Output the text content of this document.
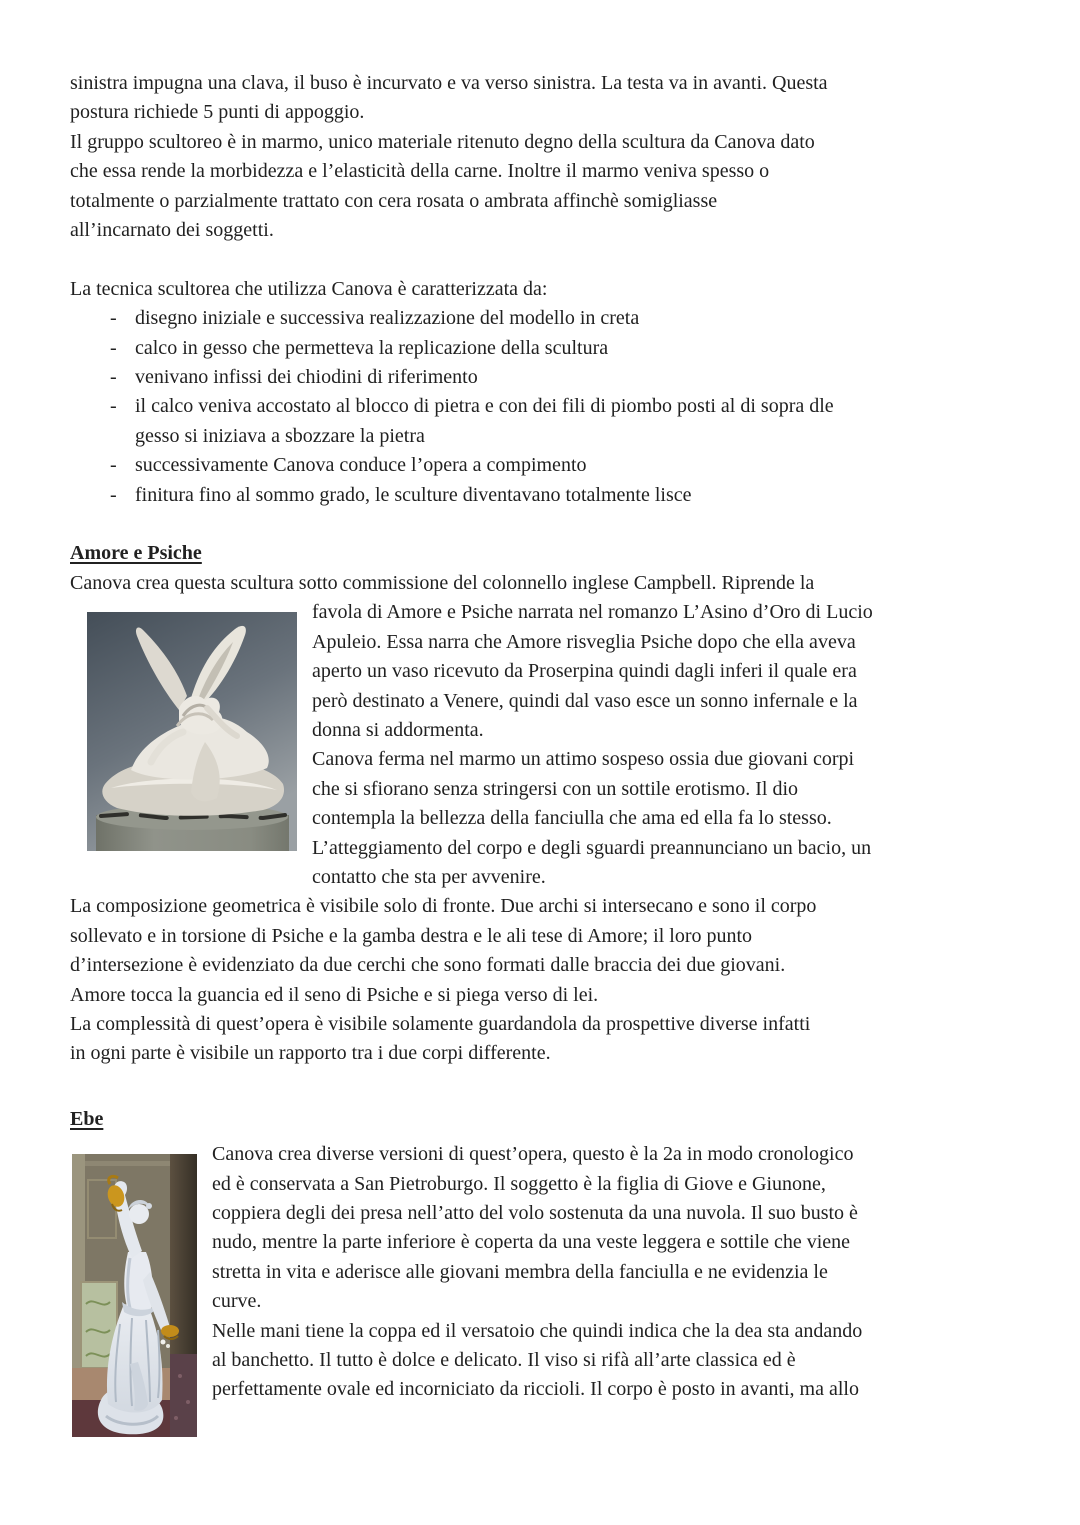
sinistra impugna una clava, il buso è incurvato e va verso sinistra. La testa va in avanti. Questa
postura richiede 5 punti di appoggio.
Il gruppo scultoreo è in marmo, unico materiale ritenuto degno della scultura da Canova dato
che essa rende la morbidezza e l’elasticità della carne. Inoltre il marmo veniva spesso o
totalmente o parzialmente trattato con cera rosata o ambrata affinchè somigliasse
all’incarnato dei soggetti.
La tecnica scultorea che utilizza Canova è caratterizzata da:
- disegno iniziale e successiva realizzazione del modello in creta
- calco in gesso che permetteva la replicazione della scultura
- venivano infissi dei chiodini di riferimento
- il calco veniva accostato al blocco di pietra e con dei fili di piombo posti al di sopra dle
gesso si iniziava a sbozzare la pietra
- successivamente Canova conduce l’opera a compimento
- finitura fino al sommo grado, le sculture diventavano totalmente lisce
Amore e Psiche
Canova crea questa scultura sotto commissione del colonnello inglese Campbell. Riprende la
favola di Amore e Psiche narrata nel romanzo L’Asino d’Oro di Lucio
Apuleio. Essa narra che Amore risveglia Psiche dopo che ella aveva
aperto un vaso ricevuto da Proserpina quindi dagli inferi il quale era
però destinato a Venere, quindi dal vaso esce un sonno infernale e la
donna si addormenta.
Canova ferma nel marmo un attimo sospeso ossia due giovani corpi
che si sfiorano senza stringersi con un sottile erotismo. Il dio
contempla la bellezza della fanciulla che ama ed ella fa lo stesso.
L’atteggiamento del corpo e degli sguardi preannunciano un bacio, un
contatto che sta per avvenire.
La composizione geometrica è visibile solo di fronte. Due archi si intersecano e sono il corpo
sollevato e in torsione di Psiche e la gamba destra e le ali tese di Amore; il loro punto
d’intersezione è evidenziato da due cerchi che sono formati dalle braccia dei due giovani.
Amore tocca la guancia ed il seno di Psiche e si piega verso di lei.
La complessità di quest’opera è visibile solamente guardandola da prospettive diverse infatti
in ogni parte è visibile un rapporto tra i due corpi differente.
Ebe
Canova crea diverse versioni di quest’opera, questo è la 2a in modo cronologico
ed è conservata a San Pietroburgo. Il soggetto è la figlia di Giove e Giunone,
coppiera degli dei presa nell’atto del volo sostenuta da una nuvola. Il suo busto è
nudo, mentre la parte inferiore è coperta da una veste leggera e sottile che viene
stretta in vita e aderisce alle giovani membra della fanciulla e ne evidenzia le
curve.
Nelle mani tiene la coppa ed il versatoio che quindi indica che la dea sta andando
al banchetto. Il tutto è dolce e delicato. Il viso si rifà all’arte classica ed è
perfettamente ovale ed incorniciato da riccioli. Il corpo è posto in avanti, ma allo
